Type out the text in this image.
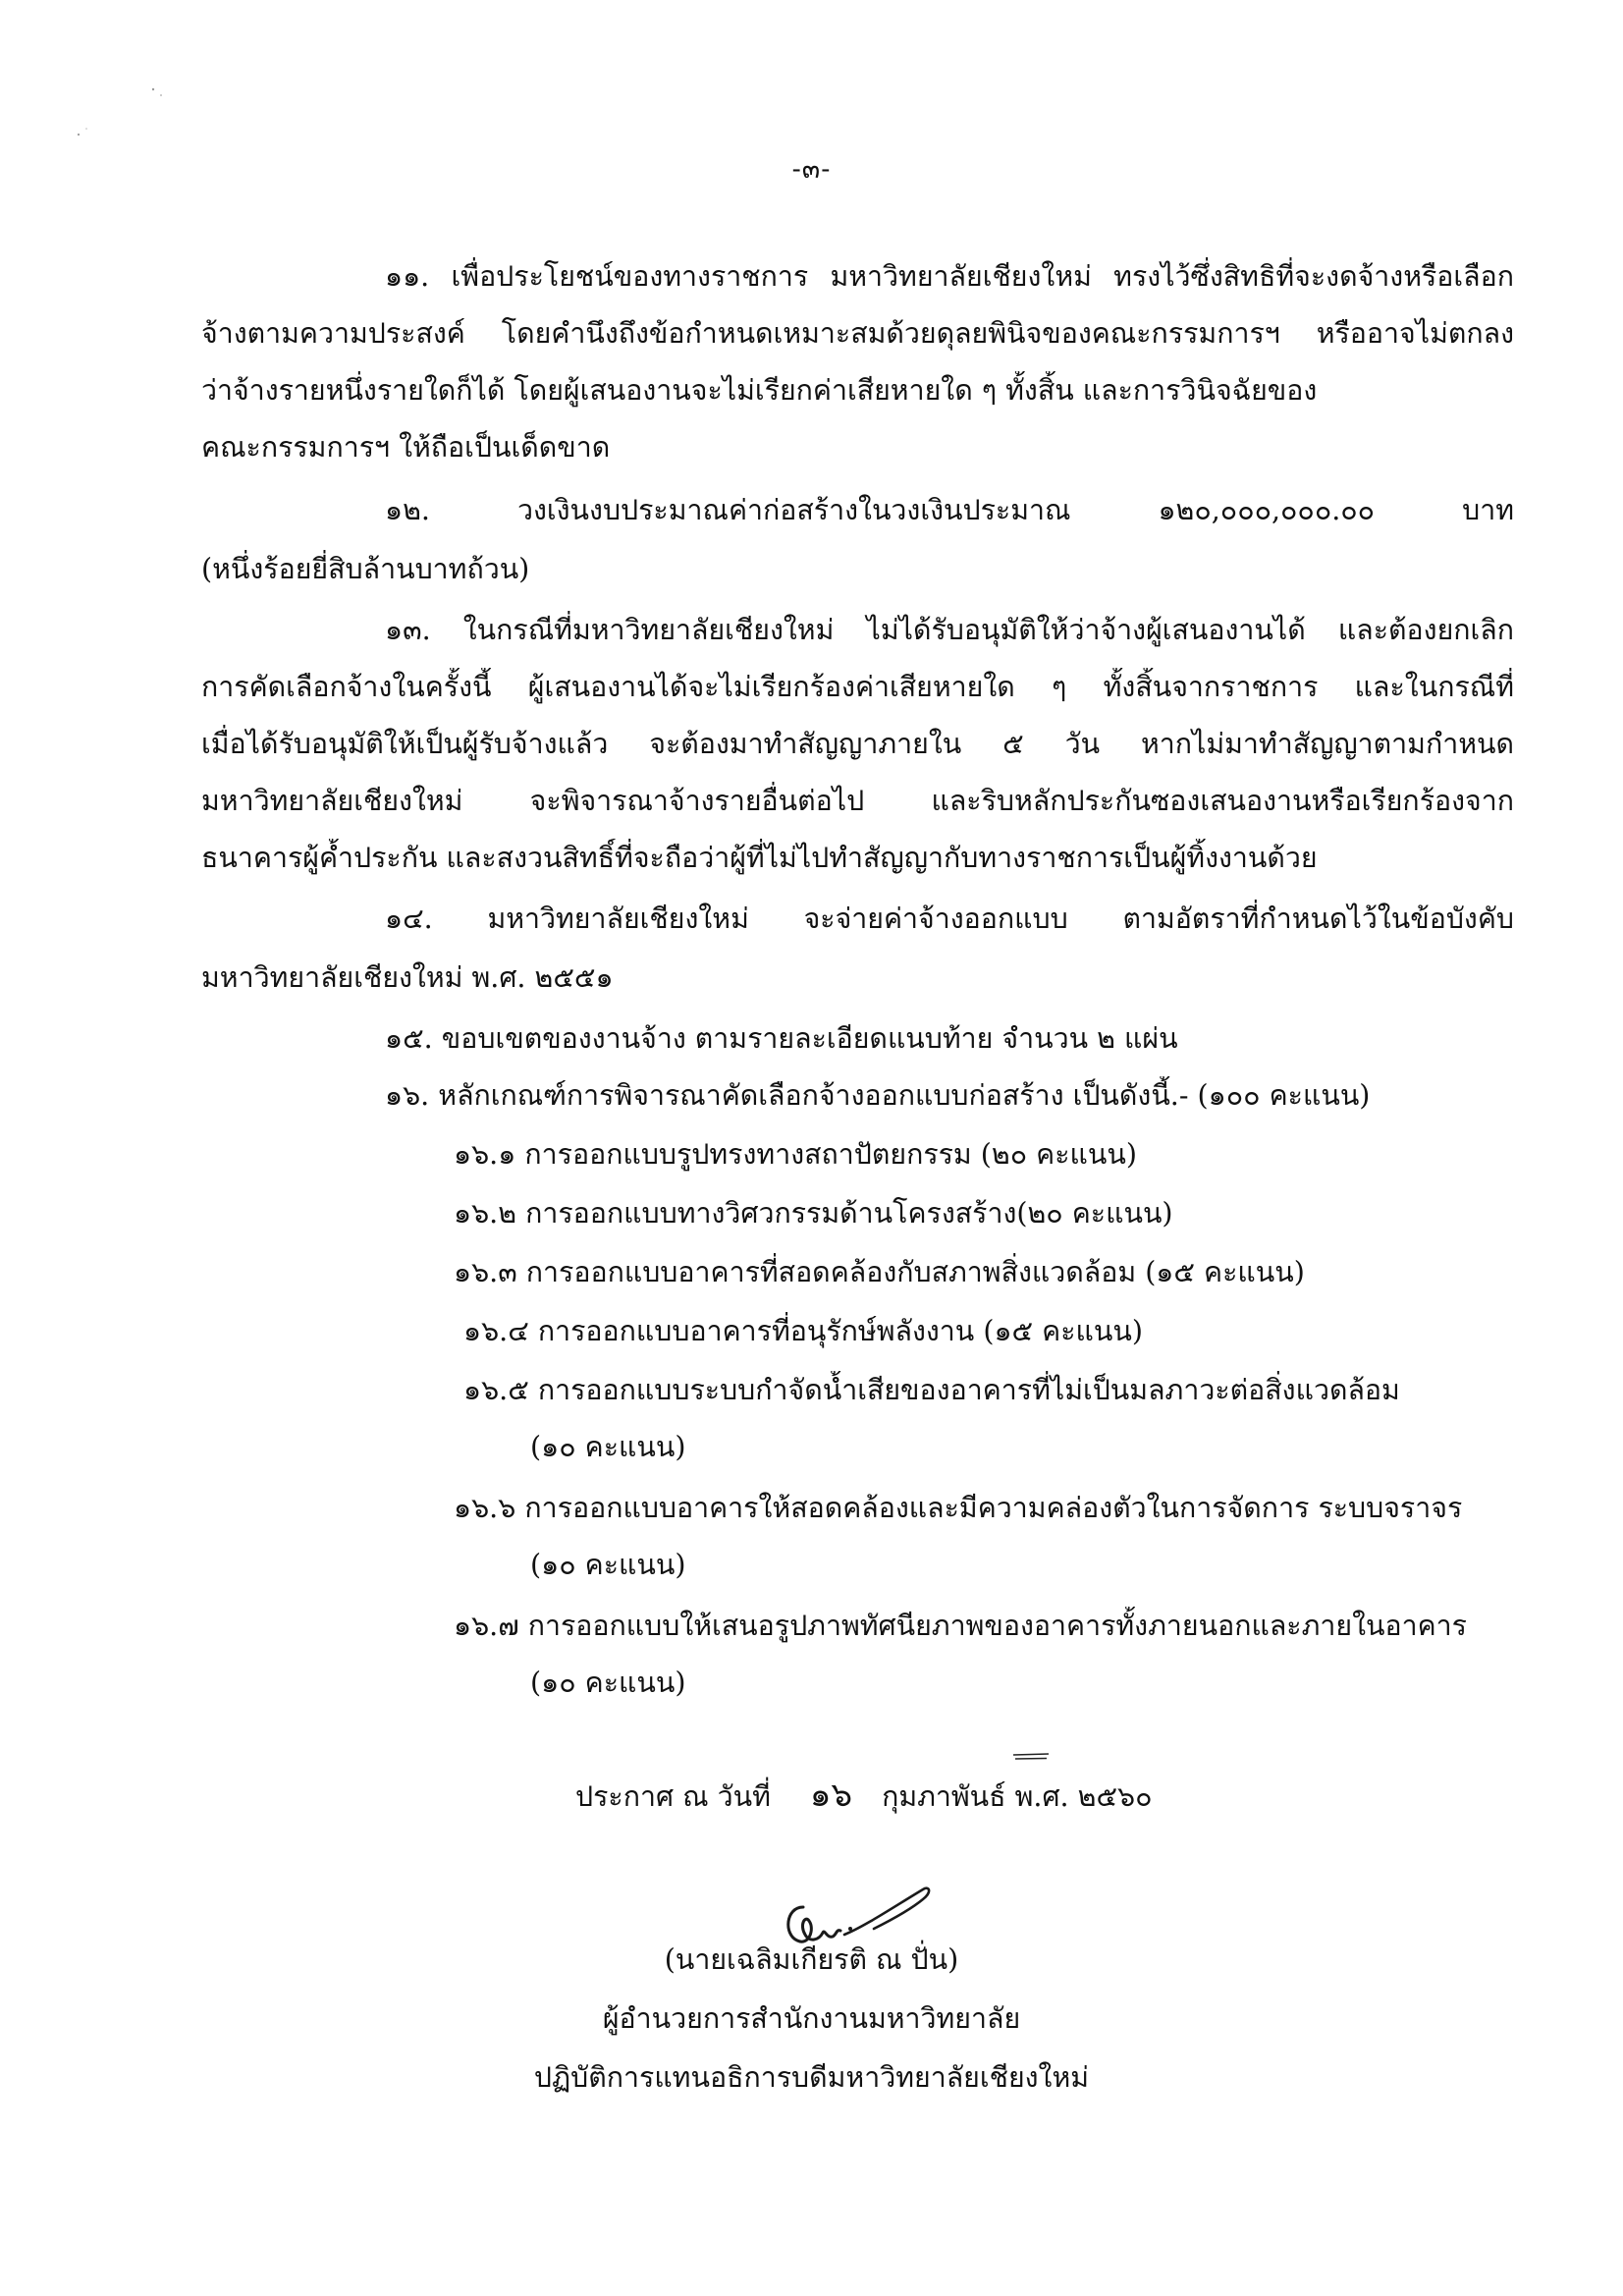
-๓-
๑๑. เพื่อประโยชน์ของทางราชการ มหาวิทยาลัยเชียงใหม่ ทรงไว้ซึ่งสิทธิที่จะงดจ้างหรือเลือก
จ้างตามความประสงค์ โดยคำนึงถึงข้อกำหนดเหมาะสมด้วยดุลยพินิจของคณะกรรมการฯ หรืออาจไม่ตกลง
ว่าจ้างรายหนึ่งรายใดก็ได้ โดยผู้เสนองานจะไม่เรียกค่าเสียหายใด ๆ ทั้งสิ้น และการวินิจฉัยของ
คณะกรรมการฯ ให้ถือเป็นเด็ดขาด
๑๒. วงเงินงบประมาณค่าก่อสร้างในวงเงินประมาณ ๑๒๐,๐๐๐,๐๐๐.๐๐ บาท
(หนึ่งร้อยยี่สิบล้านบาทถ้วน)
๑๓. ในกรณีที่มหาวิทยาลัยเชียงใหม่ ไม่ได้รับอนุมัติให้ว่าจ้างผู้เสนองานได้ และต้องยกเลิก
การคัดเลือกจ้างในครั้งนี้ ผู้เสนองานได้จะไม่เรียกร้องค่าเสียหายใด ๆ ทั้งสิ้นจากราชการ และในกรณีที่
เมื่อได้รับอนุมัติให้เป็นผู้รับจ้างแล้ว จะต้องมาทำสัญญาภายใน ๕ วัน หากไม่มาทำสัญญาตามกำหนด
มหาวิทยาลัยเชียงใหม่ จะพิจารณาจ้างรายอื่นต่อไป และริบหลักประกันซองเสนองานหรือเรียกร้องจาก
ธนาคารผู้ค้ำประกัน และสงวนสิทธิ์ที่จะถือว่าผู้ที่ไม่ไปทำสัญญากับทางราชการเป็นผู้ทิ้งงานด้วย
๑๔. มหาวิทยาลัยเชียงใหม่ จะจ่ายค่าจ้างออกแบบ ตามอัตราที่กำหนดไว้ในข้อบังคับ
มหาวิทยาลัยเชียงใหม่ พ.ศ. ๒๕๕๑
๑๕. ขอบเขตของงานจ้าง ตามรายละเอียดแนบท้าย จำนวน ๒ แผ่น
๑๖. หลักเกณฑ์การพิจารณาคัดเลือกจ้างออกแบบก่อสร้าง เป็นดังนี้.- (๑๐๐ คะแนน)
๑๖.๑ การออกแบบรูปทรงทางสถาปัตยกรรม (๒๐ คะแนน)
๑๖.๒ การออกแบบทางวิศวกรรมด้านโครงสร้าง(๒๐ คะแนน)
๑๖.๓ การออกแบบอาคารที่สอดคล้องกับสภาพสิ่งแวดล้อม (๑๕ คะแนน)
๑๖.๔ การออกแบบอาคารที่อนุรักษ์พลังงาน (๑๕ คะแนน)
๑๖.๕ การออกแบบระบบกำจัดน้ำเสียของอาคารที่ไม่เป็นมลภาวะต่อสิ่งแวดล้อม
(๑๐ คะแนน)
๑๖.๖ การออกแบบอาคารให้สอดคล้องและมีความคล่องตัวในการจัดการ ระบบจราจร
(๑๐ คะแนน)
๑๖.๗ การออกแบบให้เสนอรูปภาพทัศนียภาพของอาคารทั้งภายนอกและภายในอาคาร
(๑๐ คะแนน)
ประกาศ ณ วันที่ ๑๖ กุมภาพันธ์ พ.ศ. ๒๕๖๐
(นายเฉลิมเกียรติ ณ ปั่น)
ผู้อำนวยการสำนักงานมหาวิทยาลัย
ปฏิบัติการแทนอธิการบดีมหาวิทยาลัยเชียงใหม่
